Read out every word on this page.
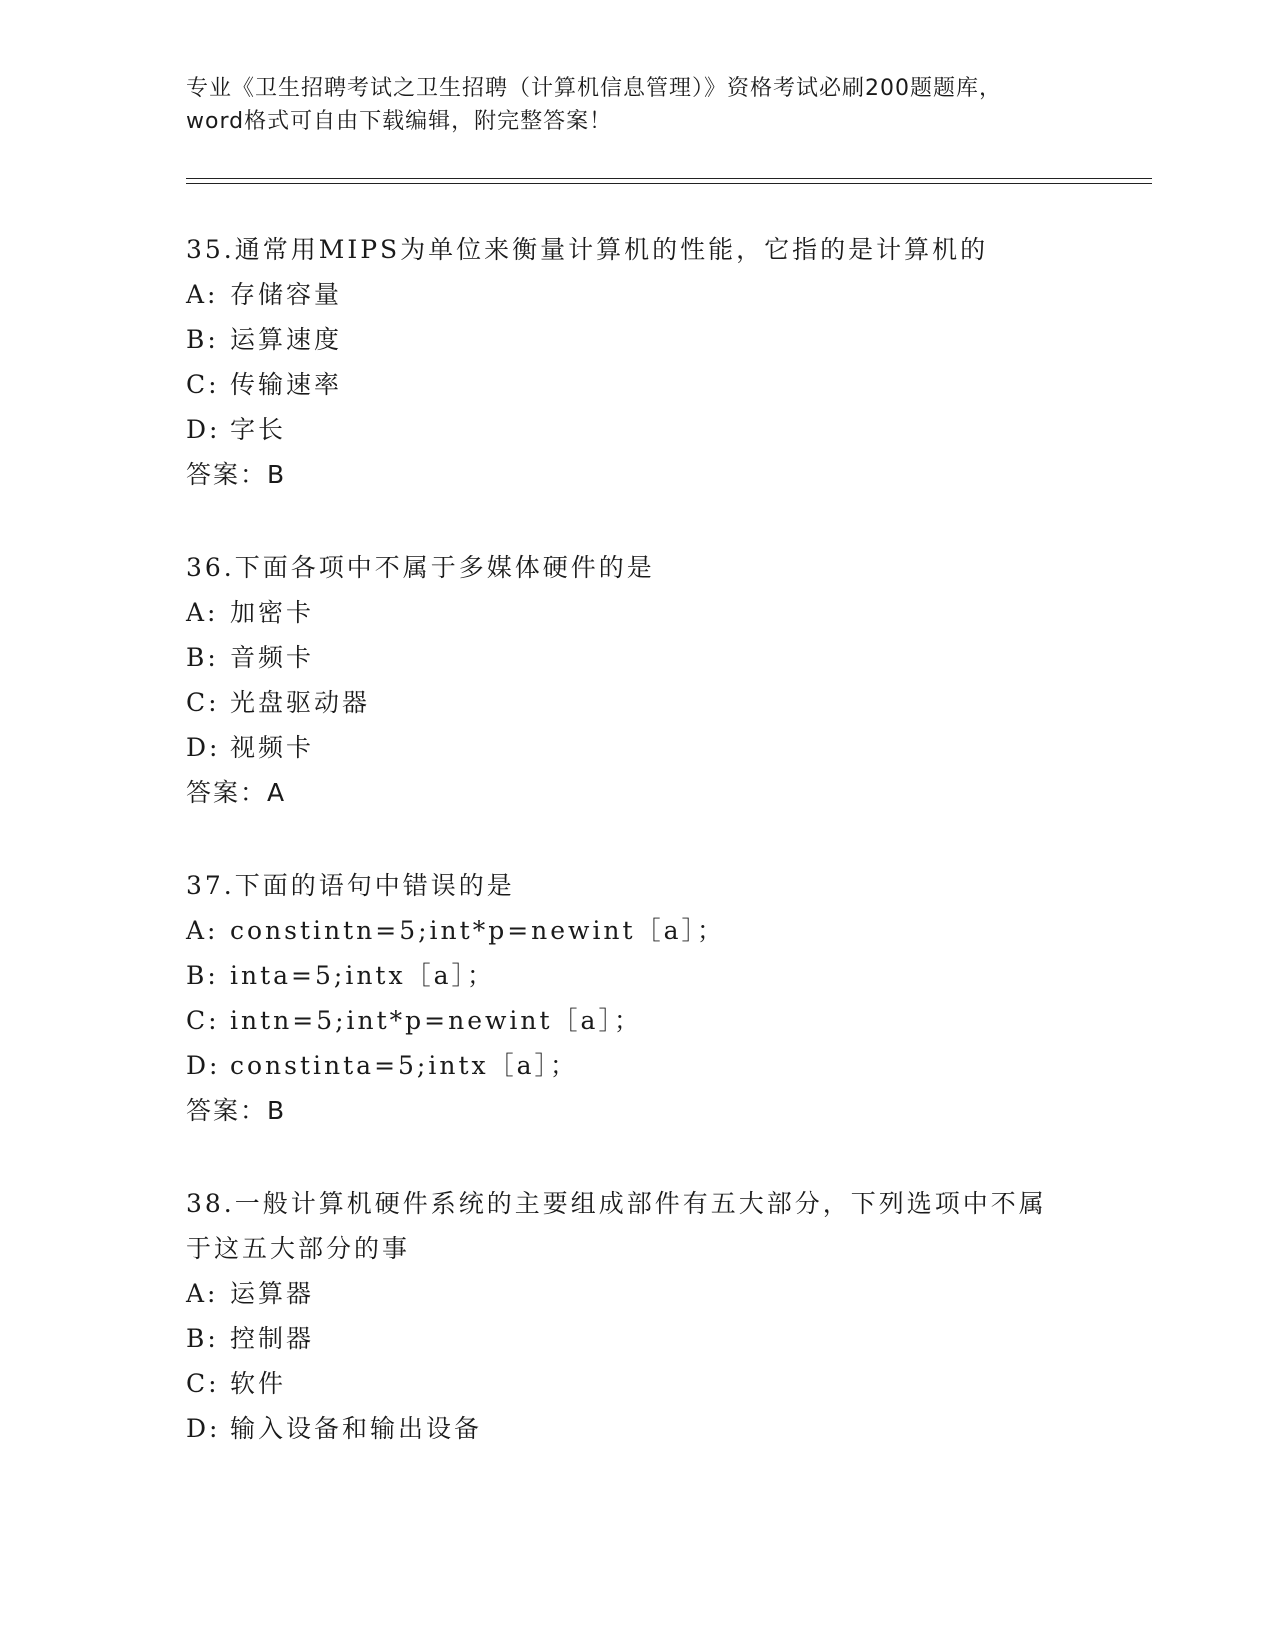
专业《卫生招聘考试之卫生招聘（计算机信息管理）》资格考试必刷200题题库，
word格式可自由下载编辑，附完整答案！
35.通常用MIPS为单位来衡量计算机的性能，它指的是计算机的
A: 存储容量
B: 运算速度
C: 传输速率
D: 字长
答案：B
36.下面各项中不属于多媒体硬件的是
A: 加密卡
B: 音频卡
C: 光盘驱动器
D: 视频卡
答案：A
37.下面的语句中错误的是
A: constintn=5;int*p=newint［a］；
B: inta=5;intx［a］；
C: intn=5;int*p=newint［a］；
D: constinta=5;intx［a］；
答案：B
38.一般计算机硬件系统的主要组成部件有五大部分，下列选项中不属于这五大部分的事
A: 运算器
B: 控制器
C: 软件
D: 输入设备和输出设备
